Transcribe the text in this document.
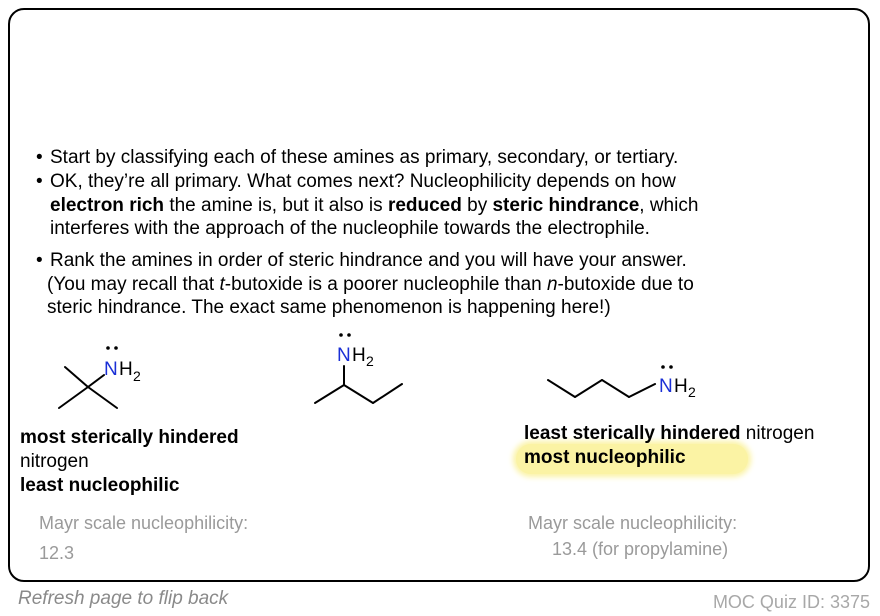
• Start by classifying each of these amines as primary, secondary, or tertiary.
• OK, they’re all primary. What comes next? Nucleophilicity depends on how
electron rich the amine is, but it also is reduced by steric hindrance, which
interferes with the approach of the nucleophile towards the electrophile.
• Rank the amines in order of steric hindrance and you will have your answer.
(You may recall that t-butoxide is a poorer nucleophile than n-butoxide due to
steric hindrance. The exact same phenomenon is happening here!)
N H 2
N H 2
N H 2
most sterically hindered
nitrogen
least nucleophilic
Mayr scale nucleophilicity:
12.3
least sterically hindered nitrogen
most nucleophilic
Mayr scale nucleophilicity:
13.4 (for propylamine)
Refresh page to flip back	MOC Quiz ID: 3375
